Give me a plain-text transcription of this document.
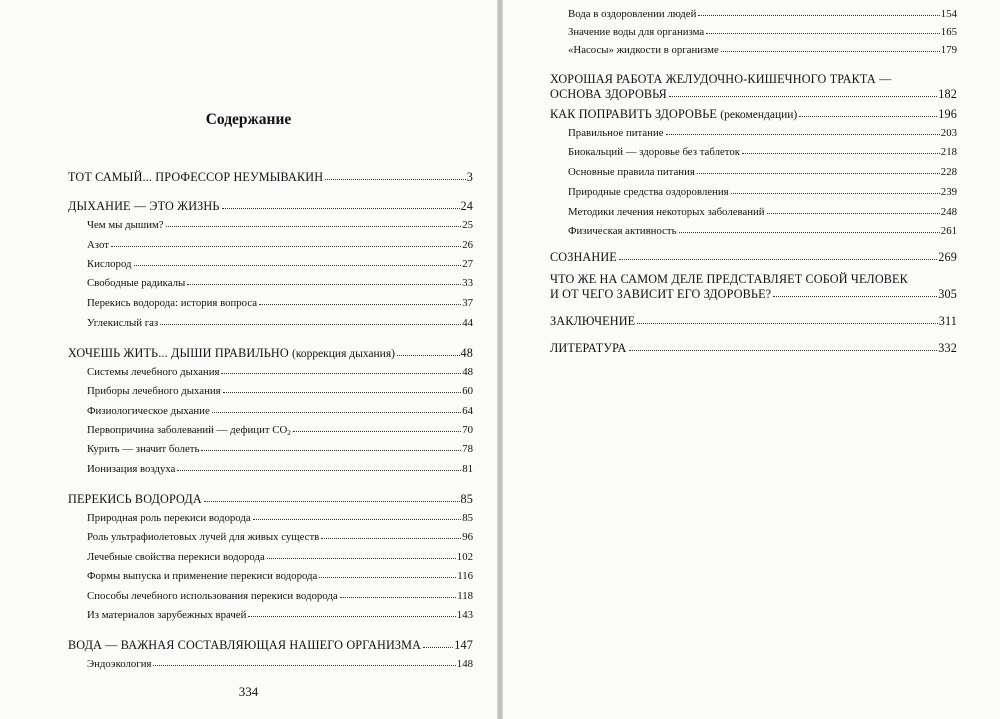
Содержание
ТОТ САМЫЙ... ПРОФЕССОР НЕУМЫВАКИН	3
ДЫХАНИЕ — ЭТО ЖИЗНЬ	24
Чем мы дышим?	25
Азот	26
Кислород	27
Свободные радикалы	33
Перекись водорода: история вопроса	37
Углекислый газ	44
ХОЧЕШЬ ЖИТЬ... ДЫШИ ПРАВИЛЬНО (коррекция дыхания)	48
Системы лечебного дыхания	48
Приборы лечебного дыхания	60
Физиологическое дыхание	64
Первопричина заболеваний — дефицит $CO_2$	70
Курить — значит болеть	78
Ионизация воздуха	81
ПЕРЕКИСЬ ВОДОРОДА	85
Природная роль перекиси водорода	85
Роль ультрафиолетовых лучей для живых существ	96
Лечебные свойства перекиси водорода	102
Формы выпуска и применение перекиси водорода	116
Способы лечебного использования перекиси водорода	118
Из материалов зарубежных врачей	143
ВОДА — ВАЖНАЯ СОСТАВЛЯЮЩАЯ НАШЕГО ОРГАНИЗМА	147
Эндоэкология	148
334
Вода в оздоровлении людей	154
Значение воды для организма	165
«Насосы» жидкости в организме	179
ХОРОШАЯ РАБОТА ЖЕЛУДОЧНО-КИШЕЧНОГО ТРАКТА —
ОСНОВА ЗДОРОВЬЯ	182
КАК ПОПРАВИТЬ ЗДОРОВЬЕ (рекомендации)	196
Правильное питание	203
Биокальций — здоровье без таблеток	218
Основные правила питания	228
Природные средства оздоровления	239
Методики лечения некоторых заболеваний	248
Физическая активность	261
СОЗНАНИЕ	269
ЧТО ЖЕ НА САМОМ ДЕЛЕ ПРЕДСТАВЛЯЕТ СОБОЙ ЧЕЛОВЕК
И ОТ ЧЕГО ЗАВИСИТ ЕГО ЗДОРОВЬЕ?	305
ЗАКЛЮЧЕНИЕ	311
ЛИТЕРАТУРА	332
